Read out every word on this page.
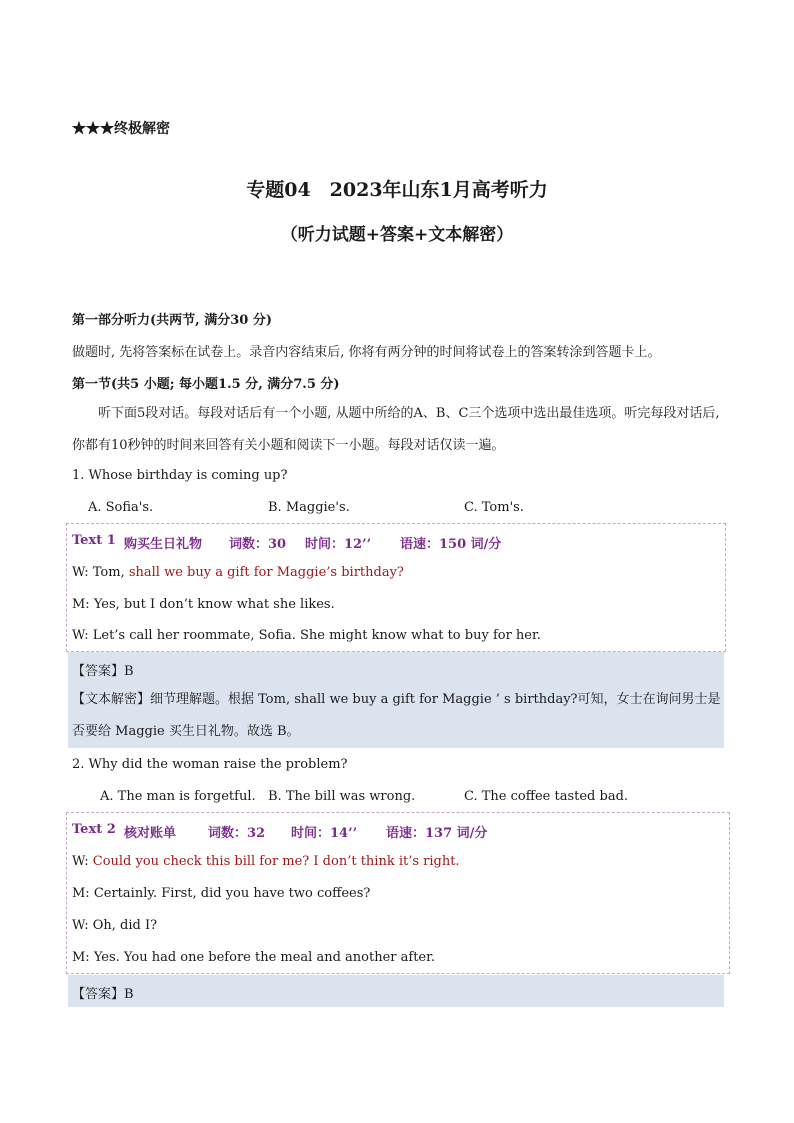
★★★终极解密
专题04　2023年山东1月高考听力
（听力试题+答案+文本解密）
第一部分听力(共两节, 满分30 分)
做题时, 先将答案标在试卷上。录音内容结束后, 你将有两分钟的时间将试卷上的答案转涂到答题卡上。
第一节(共5 小题; 每小题1.5 分, 满分7.5 分)
听下面5段对话。每段对话后有一个小题, 从题中所给的A、B、C三个选项中选出最佳选项。听完每段对话后, 你都有10秒钟的时间来回答有关小题和阅读下一小题。每段对话仅读一遍。
1. Whose birthday is coming up?
A. Sofia's.	B. Maggie's.	C. Tom's.
Text 1 购买生日礼物 词数：30 时间：12’’ 语速：150 词/分
W: Tom, shall we buy a gift for Maggie’s birthday?
M: Yes, but I don’t know what she likes.
W: Let’s call her roommate, Sofia. She might know what to buy for her.
【答案】B
【文本解密】细节理解题。根据 Tom, shall we buy a gift for Maggie ’ s birthday?可知，女士在询问男士是否要给 Maggie 买生日礼物。故选 B。
2. Why did the woman raise the problem?
A. The man is forgetful. B. The bill was wrong.	C. The coffee tasted bad.
Text 2 核对账单 词数：32 时间：14’’ 语速：137 词/分
W: Could you check this bill for me? I don’t think it’s right.
M: Certainly. First, did you have two coffees?
W: Oh, did I?
M: Yes. You had one before the meal and another after.
【答案】B
